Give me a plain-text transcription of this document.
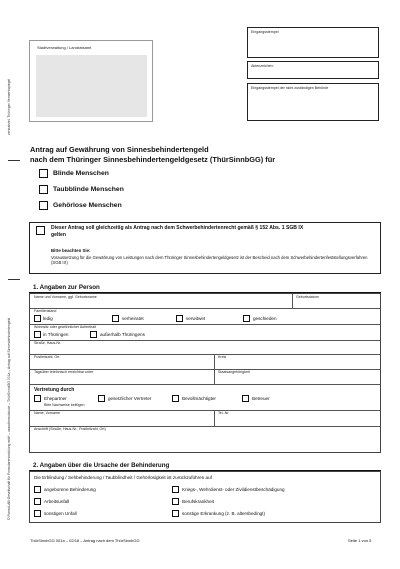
zentralstel. Thüringer Vermerkspiegel
© FormuLAB Gesellschaft für Formularentwicklung mbH – www.formulab.de – ThürSinnbGG 001a – Antrag auf Sinnesbehindertengeld
Stadtverwaltung / Landratsamt
Eingangsstempel
Aktenzeichen:
Eingangsstempel der nicht zuständigen Behörde
Antrag auf Gewährung von Sinnesbehindertengeld
nach dem Thüringer Sinnesbehindertengeldgesetz (ThürSinnbGG) für
Blinde Menschen
Taubblinde Menschen
Gehörlose Menschen
Dieser Antrag soll gleichzeitig als Antrag nach dem Schwerbehindertenrecht gemäß § 152 Abs. 1 SGB IX gelten
Bitte beachten Sie:
Voraussetzung für die Gewährung von Leistungen nach dem Thüringer Sinnesbehindertengeldgesetz ist der Bescheid nach dem Schwerbehindertenfeststellungsverfahren (SGB IX)
1. Angaben zur Person
Name und Vorname, ggf. Geburtsname	Geburtsdatum
Familienstand
ledig	verheiratet	verwitwet	geschieden
Wohnsitz oder gewöhnlicher Aufenthalt
in Thüringen	außerhalb Thüringens
Straße, Haus-Nr.
Postleitzahl, Ort	Kreis
Tagsüber telefonisch erreichbar unter	Staatsangehörigkeit
Vertretung durch
Ehepartner	gesetzlicher Vertreter	Bevollmächtigter	Betreuer
Bitte Nachweise beifügen
Name, Vorname	Tel.-Nr.
Anschrift (Straße, Haus-Nr., Postleitzahl, Ort)
2. Angaben über die Ursache der Behinderung
Die Erblindung / Sehbehinderung / Taubblindheit / Gehörlosigkeit ist zurückzuführen auf
angeborene Behinderung	Kriegs-, Wehrdienst- oder Zivildienstbeschädigung
Arbeitsunfall	Berufskrankheit
sonstigen Unfall	sonstige Erkrankung (z. B. altersbedingt)
ThürSinnbGG 001a – 02/18 – Antrag nach dem ThürSinnbGG	Seite 1 von 5
